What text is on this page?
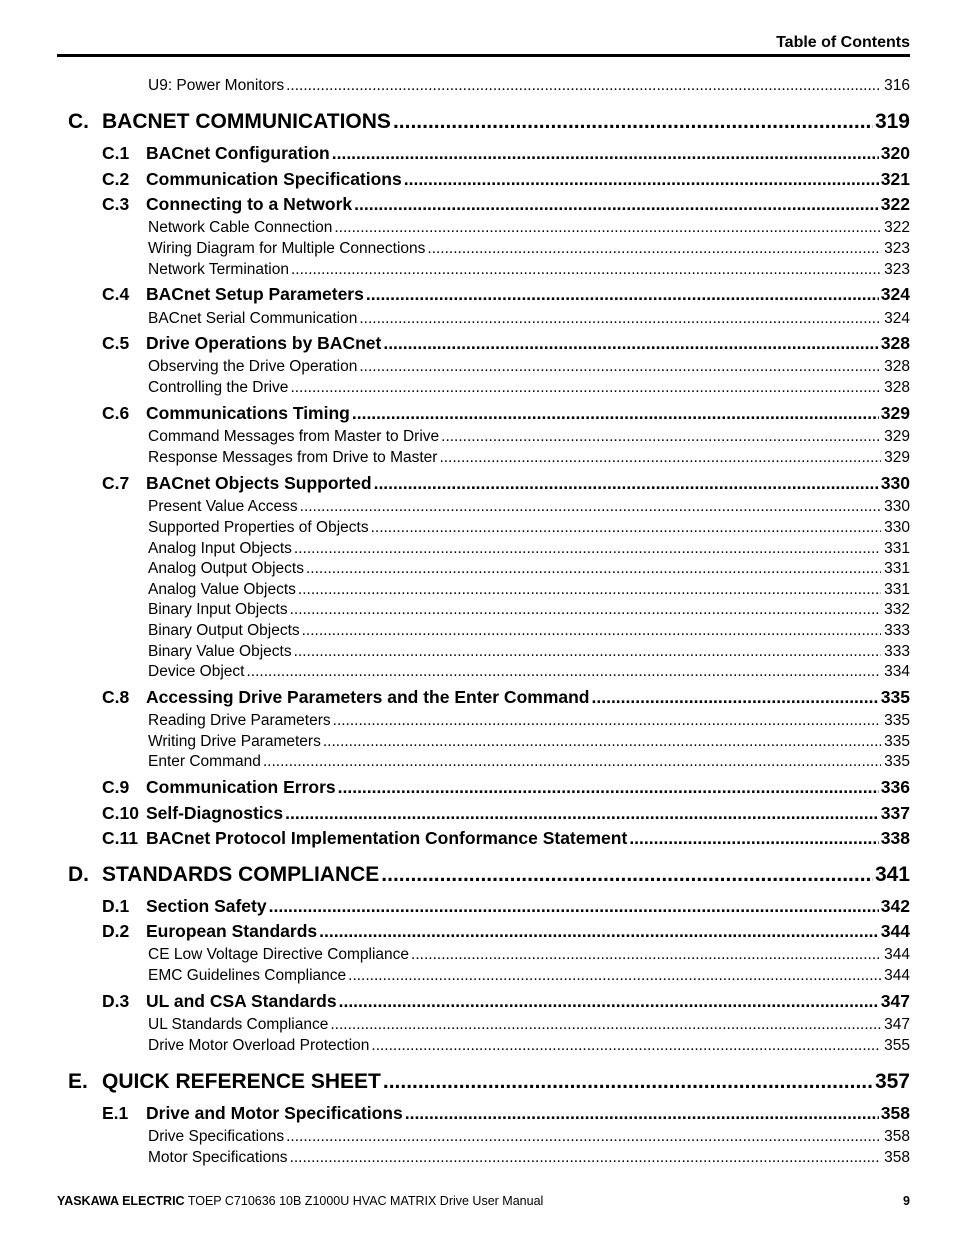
Table of Contents
U9: Power Monitors .....	316
C. BACNET COMMUNICATIONS .....	319
C.1 BACnet Configuration .....	320
C.2 Communication Specifications .....	321
C.3 Connecting to a Network .....	322
Network Cable Connection .....	322
Wiring Diagram for Multiple Connections .....	323
Network Termination .....	323
C.4 BACnet Setup Parameters .....	324
BACnet Serial Communication .....	324
C.5 Drive Operations by BACnet .....	328
Observing the Drive Operation .....	328
Controlling the Drive .....	328
C.6 Communications Timing .....	329
Command Messages from Master to Drive .....	329
Response Messages from Drive to Master .....	329
C.7 BACnet Objects Supported .....	330
Present Value Access .....	330
Supported Properties of Objects .....	330
Analog Input Objects .....	331
Analog Output Objects .....	331
Analog Value Objects .....	331
Binary Input Objects .....	332
Binary Output Objects .....	333
Binary Value Objects .....	333
Device Object .....	334
C.8 Accessing Drive Parameters and the Enter Command .....	335
Reading Drive Parameters .....	335
Writing Drive Parameters .....	335
Enter Command .....	335
C.9 Communication Errors .....	336
C.10 Self-Diagnostics .....	337
C.11 BACnet Protocol Implementation Conformance Statement .....	338
D. STANDARDS COMPLIANCE .....	341
D.1 Section Safety .....	342
D.2 European Standards .....	344
CE Low Voltage Directive Compliance .....	344
EMC Guidelines Compliance .....	344
D.3 UL and CSA Standards .....	347
UL Standards Compliance .....	347
Drive Motor Overload Protection .....	355
E. QUICK REFERENCE SHEET .....	357
E.1	Drive and Motor Specifications .....	358
Drive Specifications .....	358
Motor Specifications .....	358
YASKAWA ELECTRIC TOEP C710636 10B Z1000U HVAC MATRIX Drive User Manual	9
